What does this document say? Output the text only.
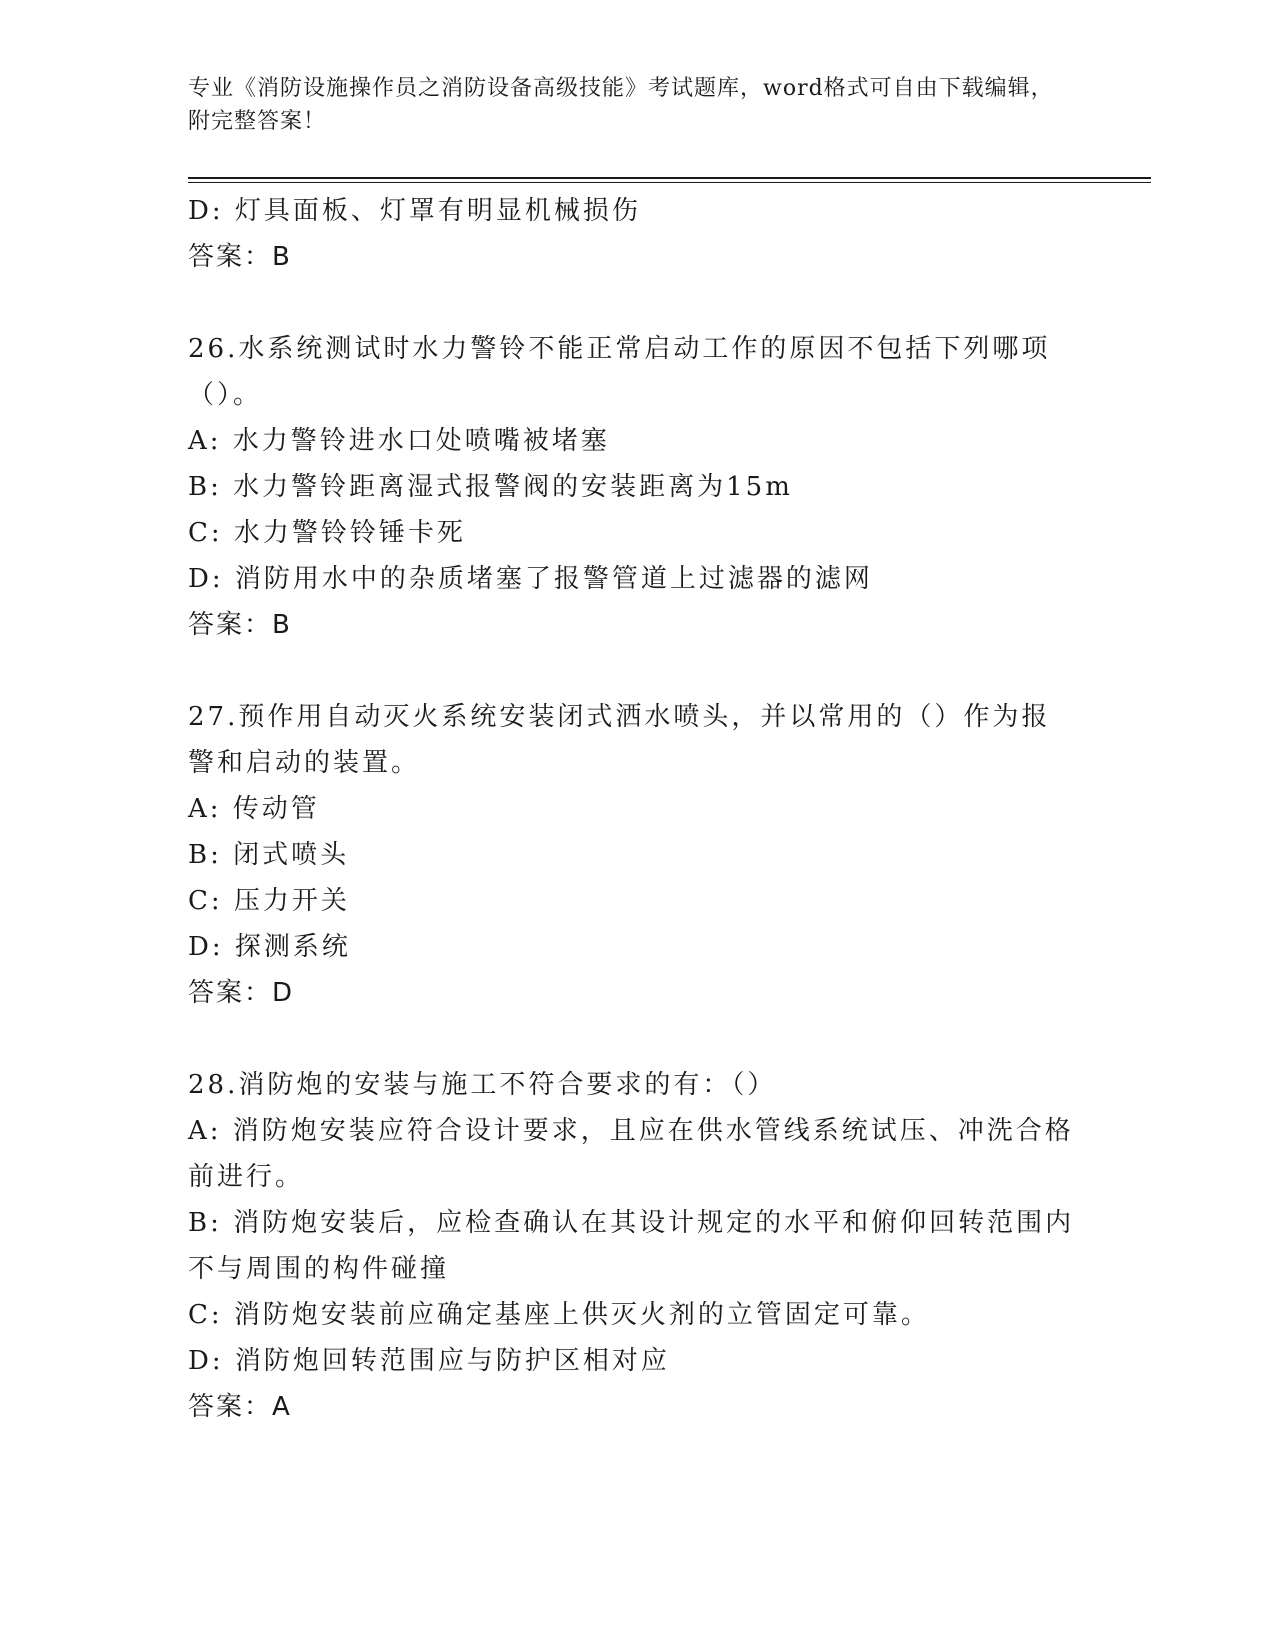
专业《消防设施操作员之消防设备高级技能》考试题库，word格式可自由下载编辑，附完整答案！
D: 灯具面板、灯罩有明显机械损伤
答案：B
26.水系统测试时水力警铃不能正常启动工作的原因不包括下列哪项（）。
A: 水力警铃进水口处喷嘴被堵塞
B: 水力警铃距离湿式报警阀的安装距离为15m
C: 水力警铃铃锤卡死
D: 消防用水中的杂质堵塞了报警管道上过滤器的滤网
答案：B
27.预作用自动灭火系统安装闭式洒水喷头，并以常用的（）作为报警和启动的装置。
A: 传动管
B: 闭式喷头
C: 压力开关
D: 探测系统
答案：D
28.消防炮的安装与施工不符合要求的有：（）
A: 消防炮安装应符合设计要求，且应在供水管线系统试压、冲洗合格前进行。
B: 消防炮安装后，应检查确认在其设计规定的水平和俯仰回转范围内不与周围的构件碰撞
C: 消防炮安装前应确定基座上供灭火剂的立管固定可靠。
D: 消防炮回转范围应与防护区相对应
答案：A
